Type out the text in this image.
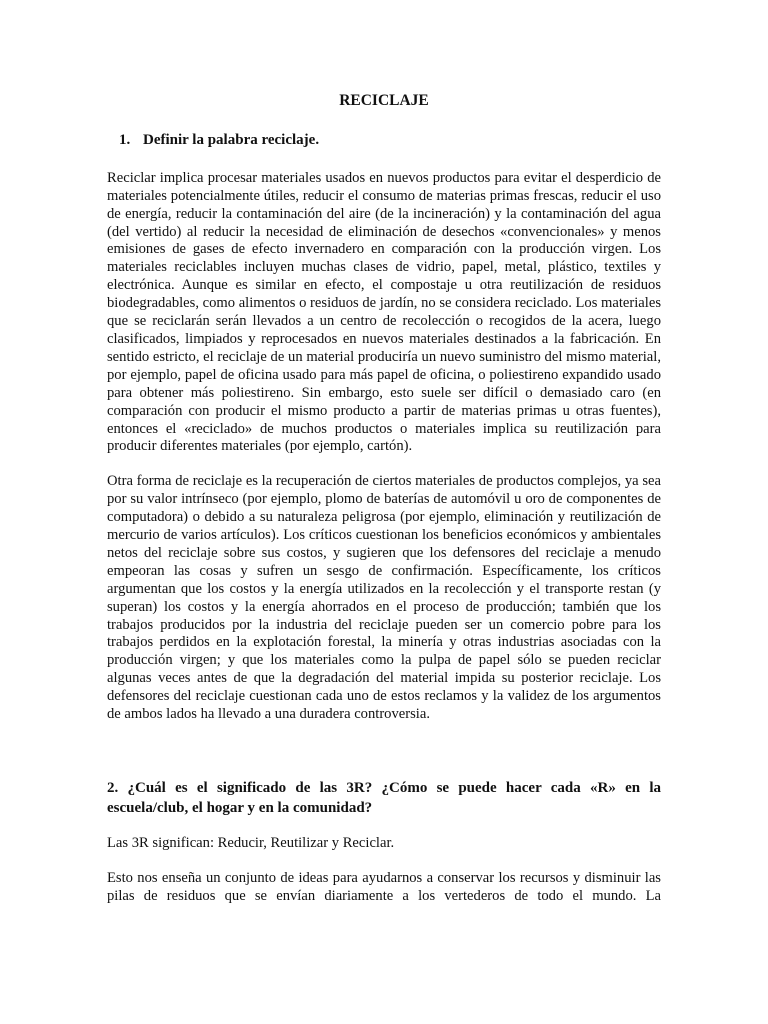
RECICLAJE
1. Definir la palabra reciclaje.

Reciclar implica procesar materiales usados en nuevos productos para evitar el desperdicio de materiales potencialmente útiles, reducir el consumo de materias primas frescas, reducir el uso de energía, reducir la contaminación del aire (de la incineración) y la contaminación del agua (del vertido) al reducir la necesidad de eliminación de desechos «convencionales» y menos emisiones de gases de efecto invernadero en comparación con la producción virgen. Los materiales reciclables incluyen muchas clases de vidrio, papel, metal, plástico, textiles y electrónica. Aunque es similar en efecto, el compostaje u otra reutilización de residuos biodegradables, como alimentos o residuos de jardín, no se considera reciclado. Los materiales que se reciclarán serán llevados a un centro de recolección o recogidos de la acera, luego clasificados, limpiados y reprocesados en nuevos materiales destinados a la fabricación. En sentido estricto, el reciclaje de un material produciría un nuevo suministro del mismo material, por ejemplo, papel de oficina usado para más papel de oficina, o poliestireno expandido usado para obtener más poliestireno. Sin embargo, esto suele ser difícil o demasiado caro (en comparación con producir el mismo producto a partir de materias primas u otras fuentes), entonces el «reciclado» de muchos productos o materiales implica su reutilización para producir diferentes materiales (por ejemplo, cartón).

Otra forma de reciclaje es la recuperación de ciertos materiales de productos complejos, ya sea por su valor intrínseco (por ejemplo, plomo de baterías de automóvil u oro de componentes de computadora) o debido a su naturaleza peligrosa (por ejemplo, eliminación y reutilización de mercurio de varios artículos). Los críticos cuestionan los beneficios económicos y ambientales netos del reciclaje sobre sus costos, y sugieren que los defensores del reciclaje a menudo empeoran las cosas y sufren un sesgo de confirmación. Específicamente, los críticos argumentan que los costos y la energía utilizados en la recolección y el transporte restan (y superan) los costos y la energía ahorrados en el proceso de producción; también que los trabajos producidos por la industria del reciclaje pueden ser un comercio pobre para los trabajos perdidos en la explotación forestal, la minería y otras industrias asociadas con la producción virgen; y que los materiales como la pulpa de papel sólo se pueden reciclar algunas veces antes de que la degradación del material impida su posterior reciclaje. Los defensores del reciclaje cuestionan cada uno de estos reclamos y la validez de los argumentos de ambos lados ha llevado a una duradera controversia.

2. ¿Cuál es el significado de las 3R? ¿Cómo se puede hacer cada «R» en la escuela/club, el hogar y en la comunidad?

Las 3R significan: Reducir, Reutilizar y Reciclar.

Esto nos enseña un conjunto de ideas para ayudarnos a conservar los recursos y disminuir las pilas de residuos que se envían diariamente a los vertederos de todo el mundo. La
